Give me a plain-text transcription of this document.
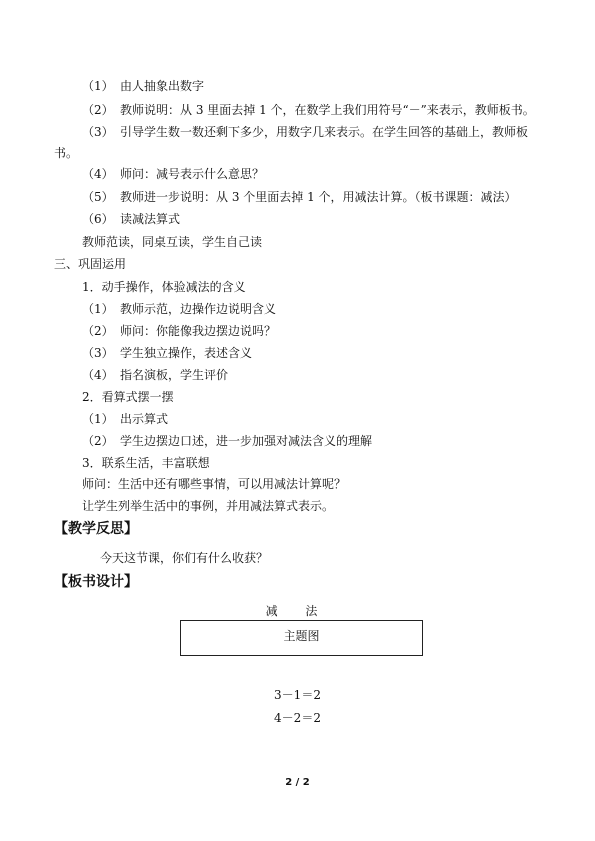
（1） 由人抽象出数字
（2） 教师说明：从 3 里面去掉 1 个，在数学上我们用符号“－”来表示，教师板书。
（3） 引导学生数一数还剩下多少，用数字几来表示。在学生回答的基础上，教师板
书。
（4） 师问：减号表示什么意思？
（5） 教师进一步说明：从 3 个里面去掉 1 个，用减法计算。（板书课题：减法）
（6） 读减法算式
教师范读，同桌互读，学生自己读
三、巩固运用
1．动手操作，体验减法的含义
（1） 教师示范，边操作边说明含义
（2） 师问：你能像我边摆边说吗？
（3） 学生独立操作，表述含义
（4） 指名演板，学生评价
2．看算式摆一摆
（1） 出示算式
（2） 学生边摆边口述，进一步加强对减法含义的理解
3．联系生活，丰富联想
师问：生活中还有哪些事情，可以用减法计算呢？
让学生列举生活中的事例，并用减法算式表示。
【教学反思】
今天这节课，你们有什么收获？
【板书设计】
减 法
主题图
3－1＝2
4－2＝2
2 / 2
